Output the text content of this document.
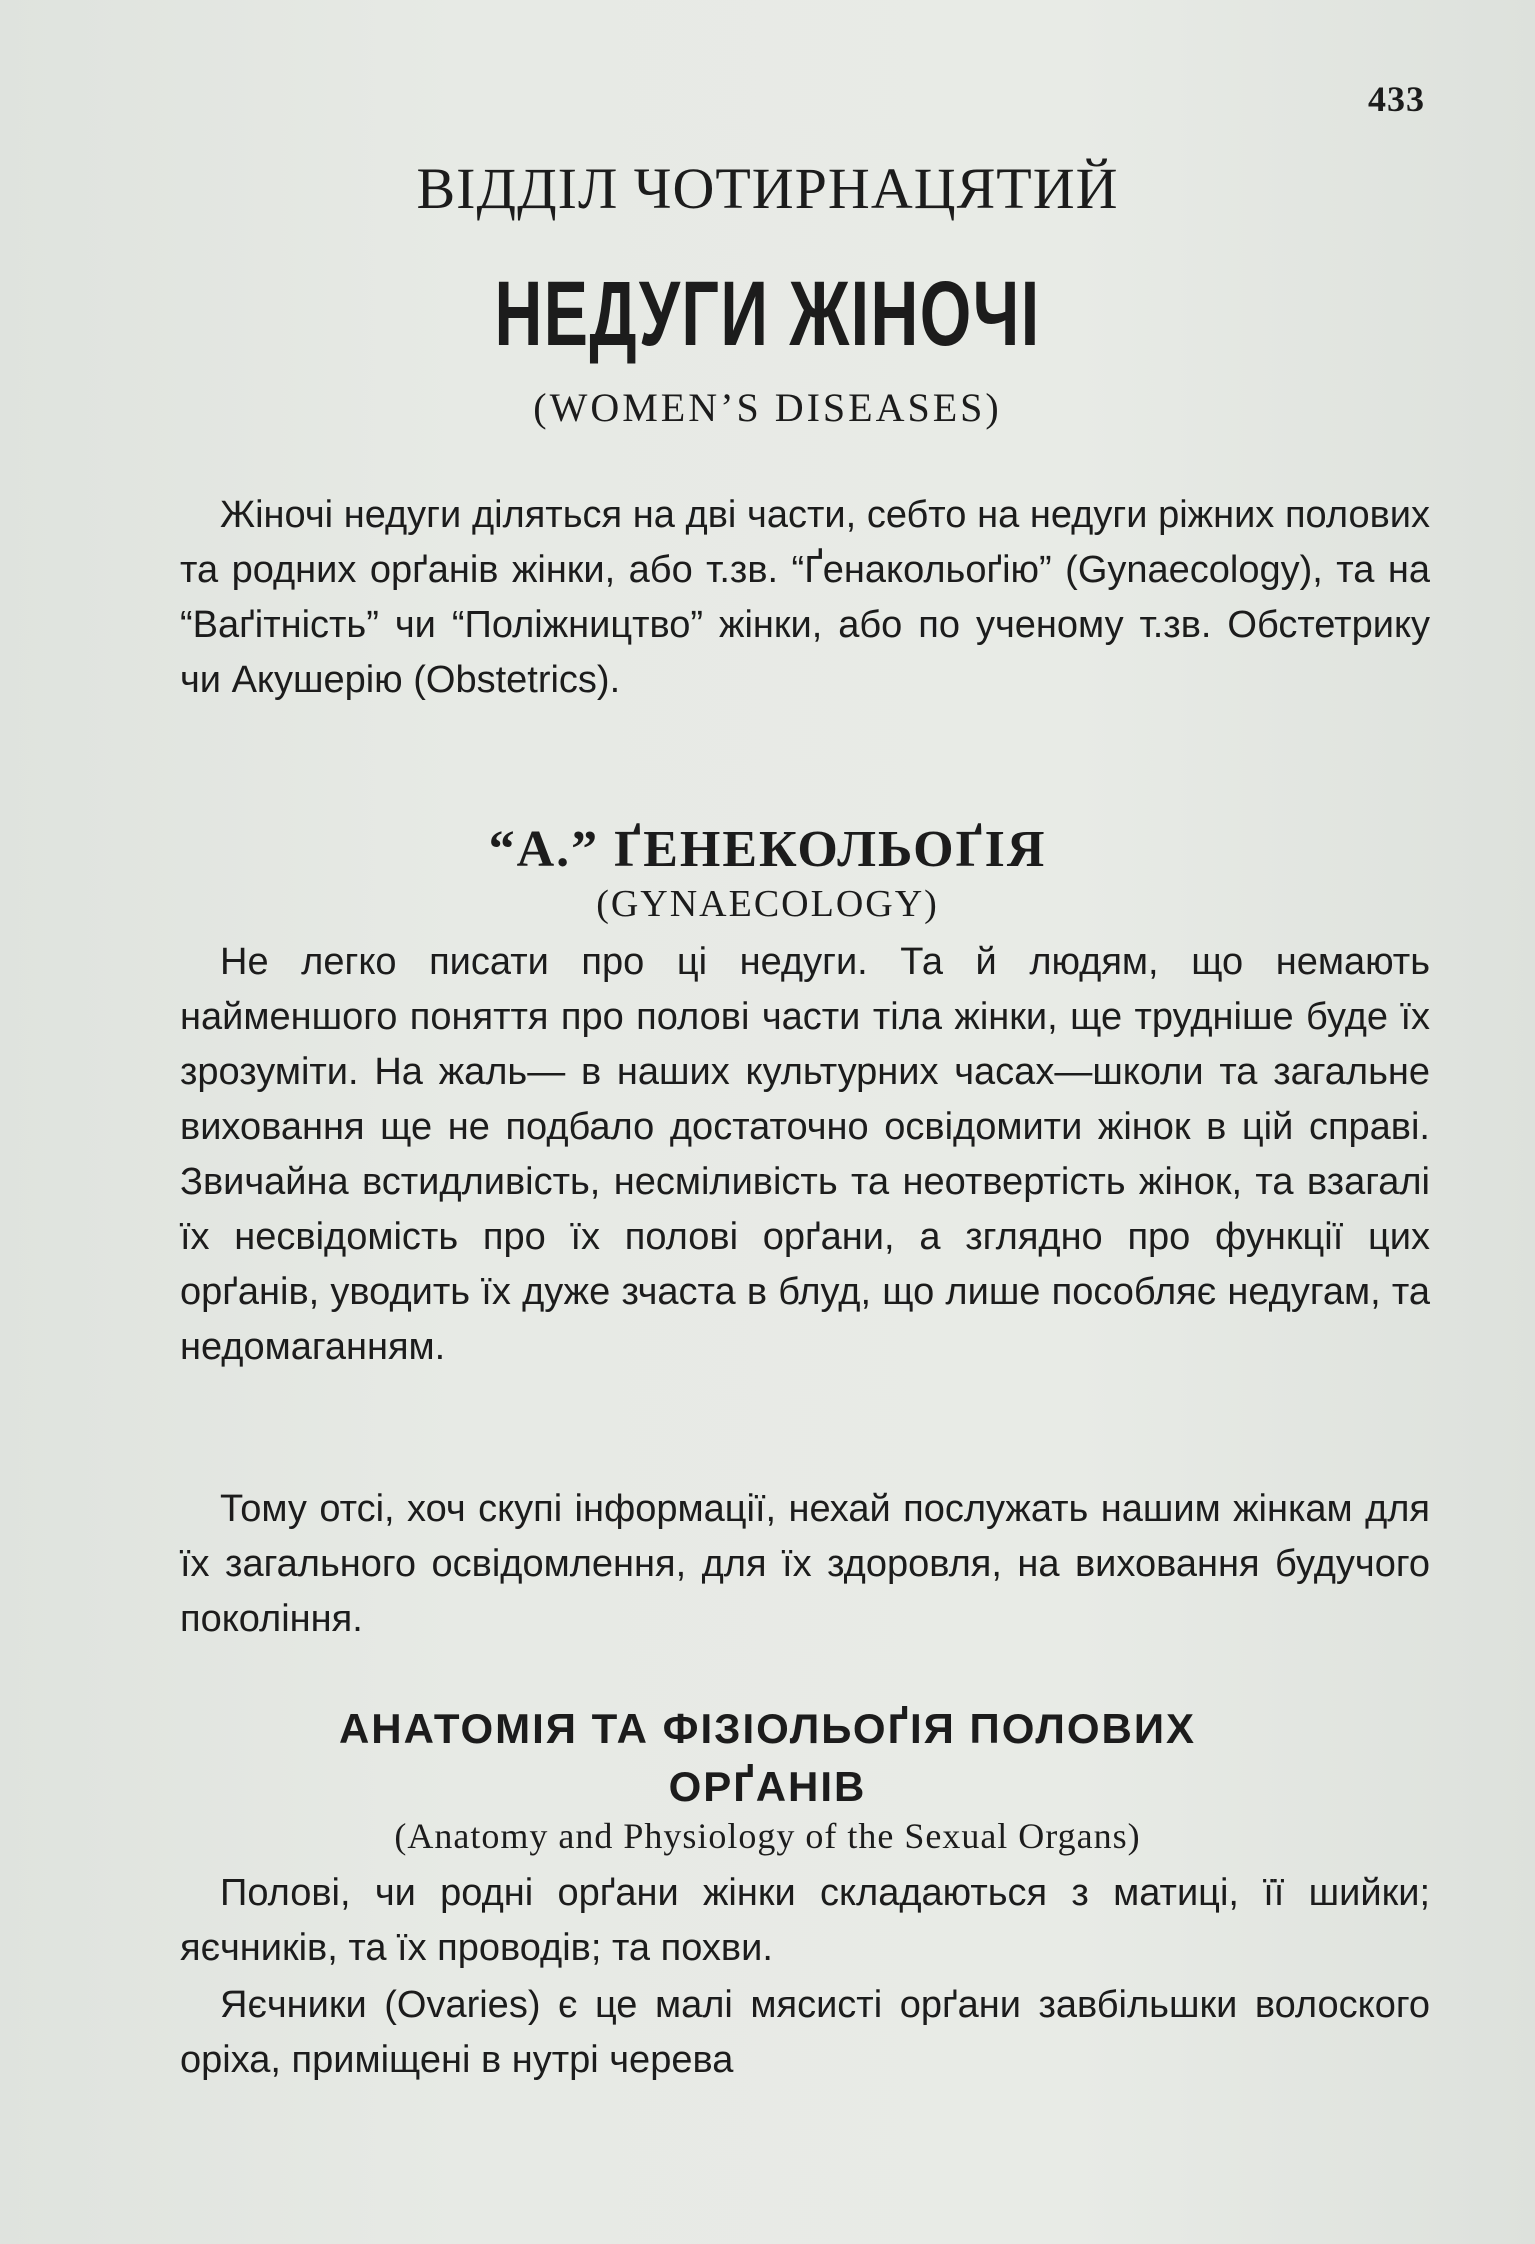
433
ВІДДІЛ ЧОТИРНАЦЯТИЙ
НЕДУГИ ЖІНОЧІ
(WOMEN’S DISEASES)

Жіночі недуги діляться на дві части, себто на недуги ріжних полових та родних орґанів жінки, або т.зв. “Ґенакольоґію” (Gynaecology), та на “Ваґітність” чи “Поліжництво” жінки, або по ученому т.зв. Обстетрику чи Акушерію (Obstetrics).

“А.” ҐЕНЕКОЛЬОҐІЯ
(GYNAECOLOGY)

Не легко писати про ці недуги. Та й людям, що немають найменшого поняття про полові части тіла жінки, ще трудніше буде їх зрозуміти. На жаль— в наших культурних часах—школи та загальне виховання ще не подбало достаточно освідомити жінок в цій справі. Звичайна встидливість, несміливість та неотвертість жінок, та взагалі їх несвідомість про їх полові орґани, а зглядно про функції цих орґанів, уводить їх дуже зчаста в блуд, що лише пособляє недугам, та недомаганням.

Тому отсі, хоч скупі інформації, нехай послужать нашим жінкам для їх загального освідомлення, для їх здоровля, на виховання будучого покоління.

АНАТОМІЯ ТА ФІЗІОЛЬОҐІЯ ПОЛОВИХ
ОРҐАНІВ
(Anatomy and Physiology of the Sexual Organs)

Полові, чи родні орґани жінки складаються з матиці, її шийки; яєчників, та їх проводів; та похви.

Яєчники (Ovaries) є це малі мясисті орґани завбільшки волоского оріха, приміщені в нутрі черева
